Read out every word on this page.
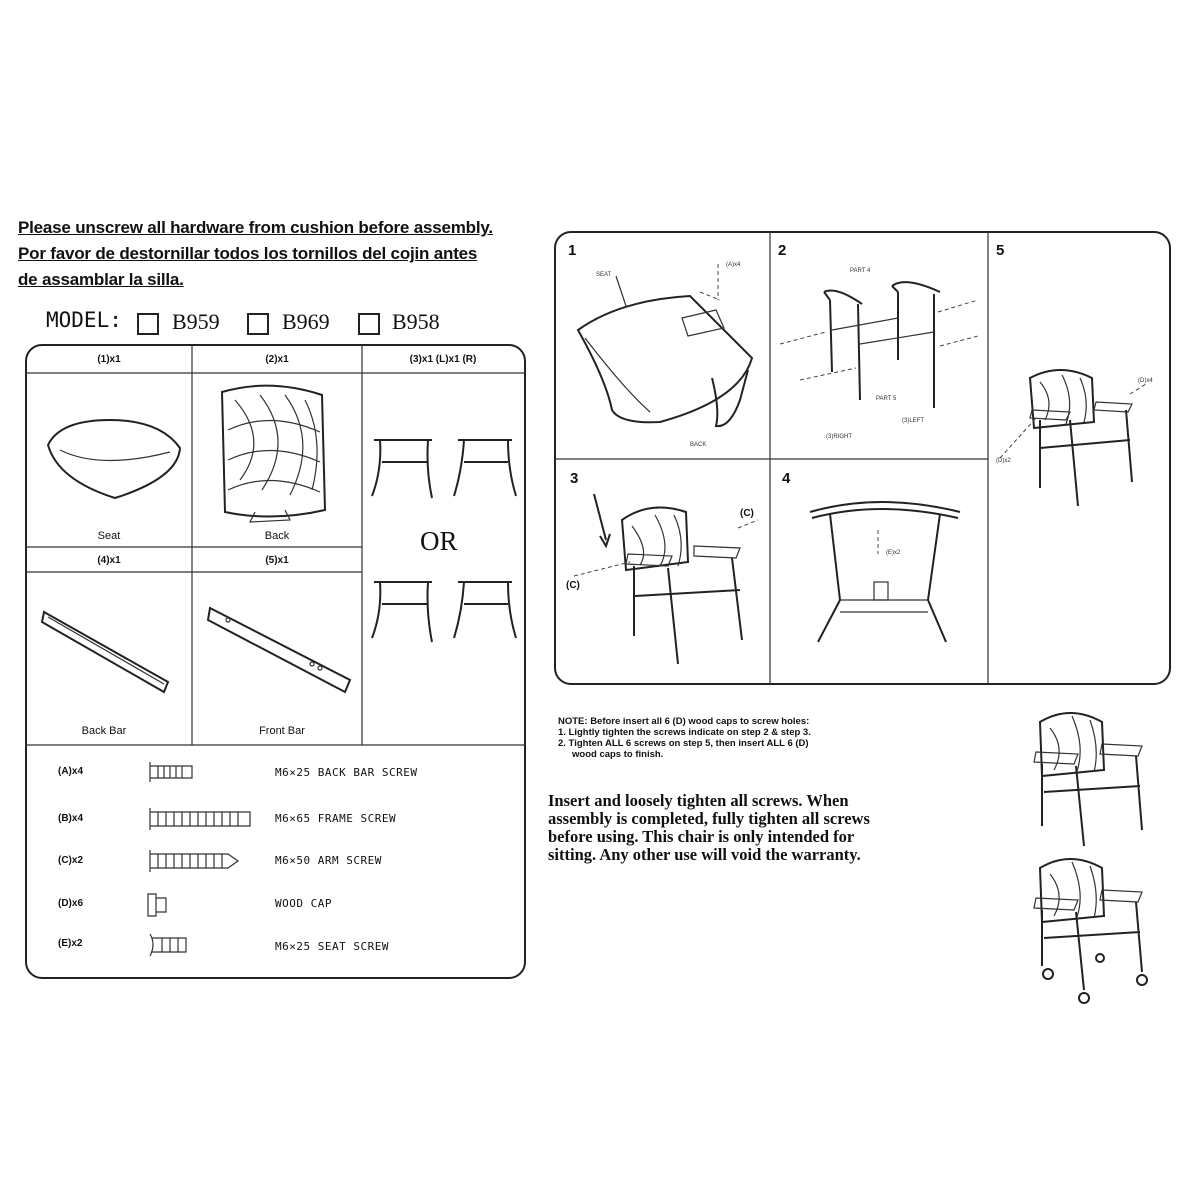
Please unscrew all hardware from cushion before assembly.
Por favor de destornillar todos los tornillos del cojin antes
de assamblar la silla.
MODEL: B959	B969	B958
(1)x1	(2)x1	(3)x1 (L)x1 (R)
Seat	Back
(4)x1	(5)x1
Back Bar	Front Bar
OR
(A)x4	M6×25 BACK BAR SCREW
(B)x4	M6×65 FRAME SCREW
(C)x2	M6×50 ARM SCREW
(D)x6	WOOD CAP
(E)x2	M6×25 SEAT SCREW
1	2	5
3	4
SEAT
BACK
(A)x4
PART 4
PART 5
(3)RIGHT
(3)LEFT
(C)
(C)
(E)x2
(D)x4
(D)x2
NOTE: Before insert all 6 (D) wood caps to screw holes:
1. Lightly tighten the screws indicate on step 2 & step 3.
2. Tighten ALL 6 screws on step 5, then insert ALL 6 (D)
wood caps to finish.
Insert and loosely tighten all screws. When
assembly is completed, fully tighten all screws
before using. This chair is only intended for
sitting. Any other use will void the warranty.
